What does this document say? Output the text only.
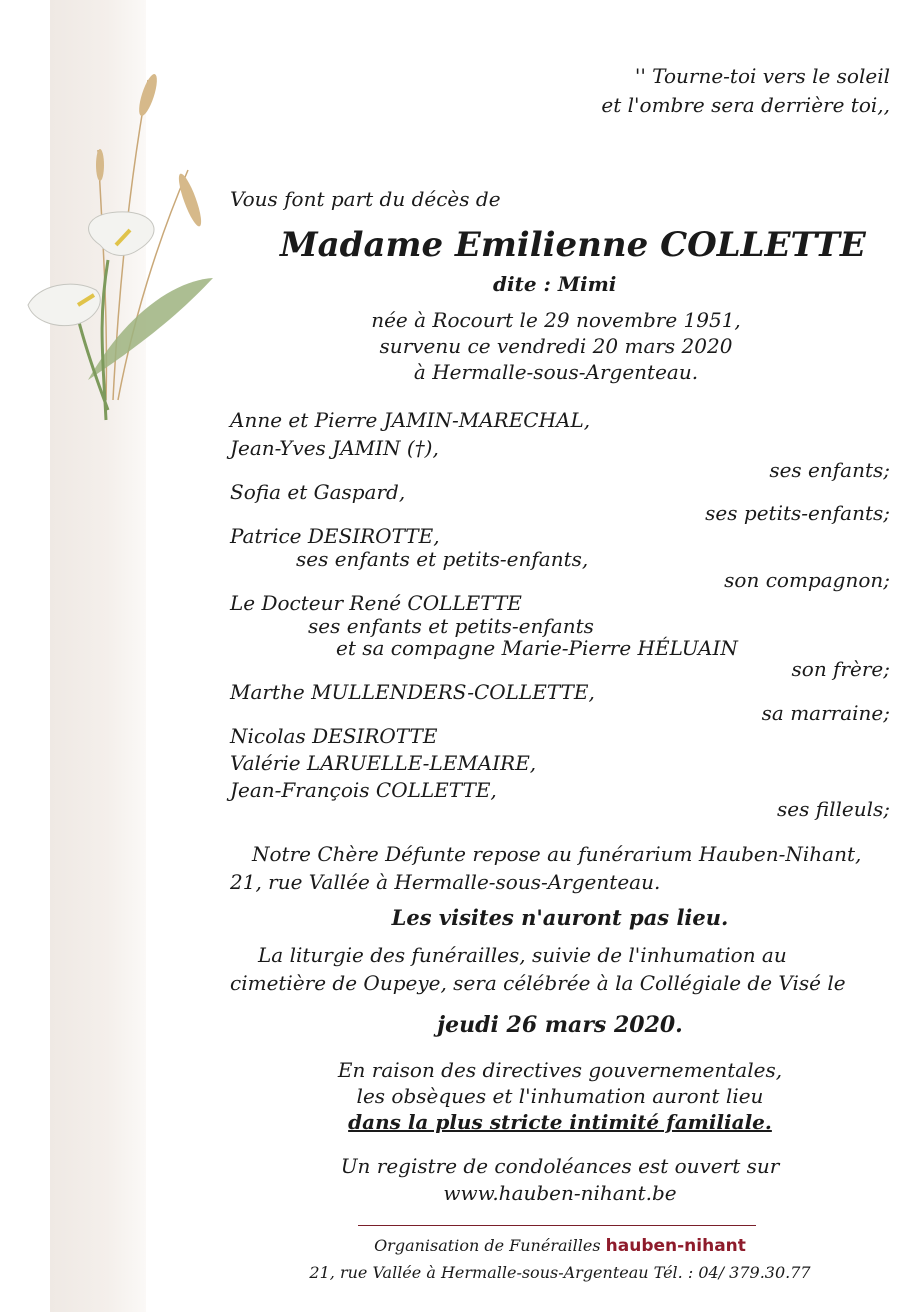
'' Tourne-toi vers le soleil
et l'ombre sera derrière toi,,
Vous font part du décès de
Madame Emilienne COLLETTE
dite : Mimi
née à Rocourt le 29 novembre 1951,
survenu ce vendredi 20 mars 2020
à Hermalle-sous-Argenteau.
Anne et Pierre JAMIN-MARECHAL,
Jean-Yves JAMIN (†),
ses enfants;
Sofia et Gaspard,
ses petits-enfants;
Patrice DESIROTTE,
ses enfants et petits-enfants,
son compagnon;
Le Docteur René COLLETTE
ses enfants et petits-enfants
et sa compagne Marie-Pierre HÉLUAIN
son frère;
Marthe MULLENDERS-COLLETTE,
sa marraine;
Nicolas DESIROTTE
Valérie LARUELLE-LEMAIRE,
Jean-François COLLETTE,
ses filleuls;
Notre Chère Défunte repose au funérarium Hauben-Nihant,
21, rue Vallée à Hermalle-sous-Argenteau.
Les visites n'auront pas lieu.
La liturgie des funérailles, suivie de l'inhumation au
cimetière de Oupeye, sera célébrée à la Collégiale de Visé le
jeudi 26 mars 2020.
En raison des directives gouvernementales,
les obsèques et l'inhumation auront lieu
dans la plus stricte intimité familiale.
Un registre de condoléances est ouvert sur
www.hauben-nihant.be
Organisation de Funérailles hauben-nihant
21, rue Vallée à Hermalle-sous-Argenteau Tél. : 04/ 379.30.77
